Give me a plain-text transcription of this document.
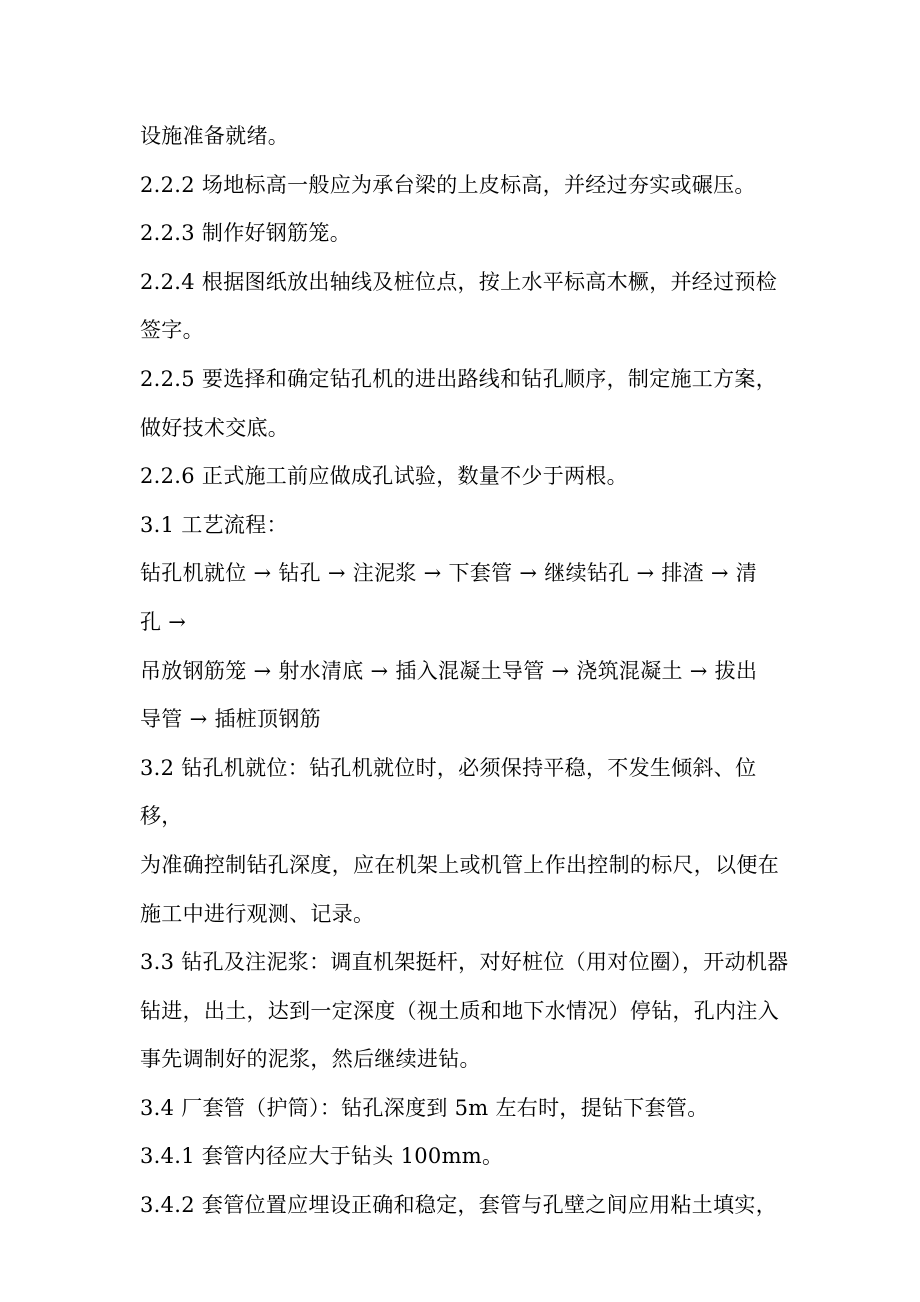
设施准备就绪。

2.2.2 场地标高一般应为承台梁的上皮标高，并经过夯实或碾压。

2.2.3 制作好钢筋笼。

2.2.4 根据图纸放出轴线及桩位点，按上水平标高木橛，并经过预检

签字。

2.2.5 要选择和确定钻孔机的进出路线和钻孔顺序，制定施工方案，

做好技术交底。

2.2.6 正式施工前应做成孔试验，数量不少于两根。

3.1 工艺流程：

钻孔机就位 → 钻孔 → 注泥浆 → 下套管 → 继续钻孔 → 排渣 → 清

孔 →

吊放钢筋笼 → 射水清底 → 插入混凝土导管 → 浇筑混凝土 → 拔出

导管 → 插桩顶钢筋

3.2 钻孔机就位：钻孔机就位时，必须保持平稳，不发生倾斜、位移，

为准确控制钻孔深度，应在机架上或机管上作出控制的标尺，以便在

施工中进行观测、记录。

3.3 钻孔及注泥浆：调直机架挺杆，对好桩位（用对位圈），开动机器

钻进，出土，达到一定深度（视土质和地下水情况）停钻，孔内注入

事先调制好的泥浆，然后继续进钻。

3.4 厂套管（护筒）：钻孔深度到 5m 左右时，提钻下套管。

3.4.1 套管内径应大于钻头 100mm。

3.4.2 套管位置应埋设正确和稳定，套管与孔壁之间应用粘土填实，
